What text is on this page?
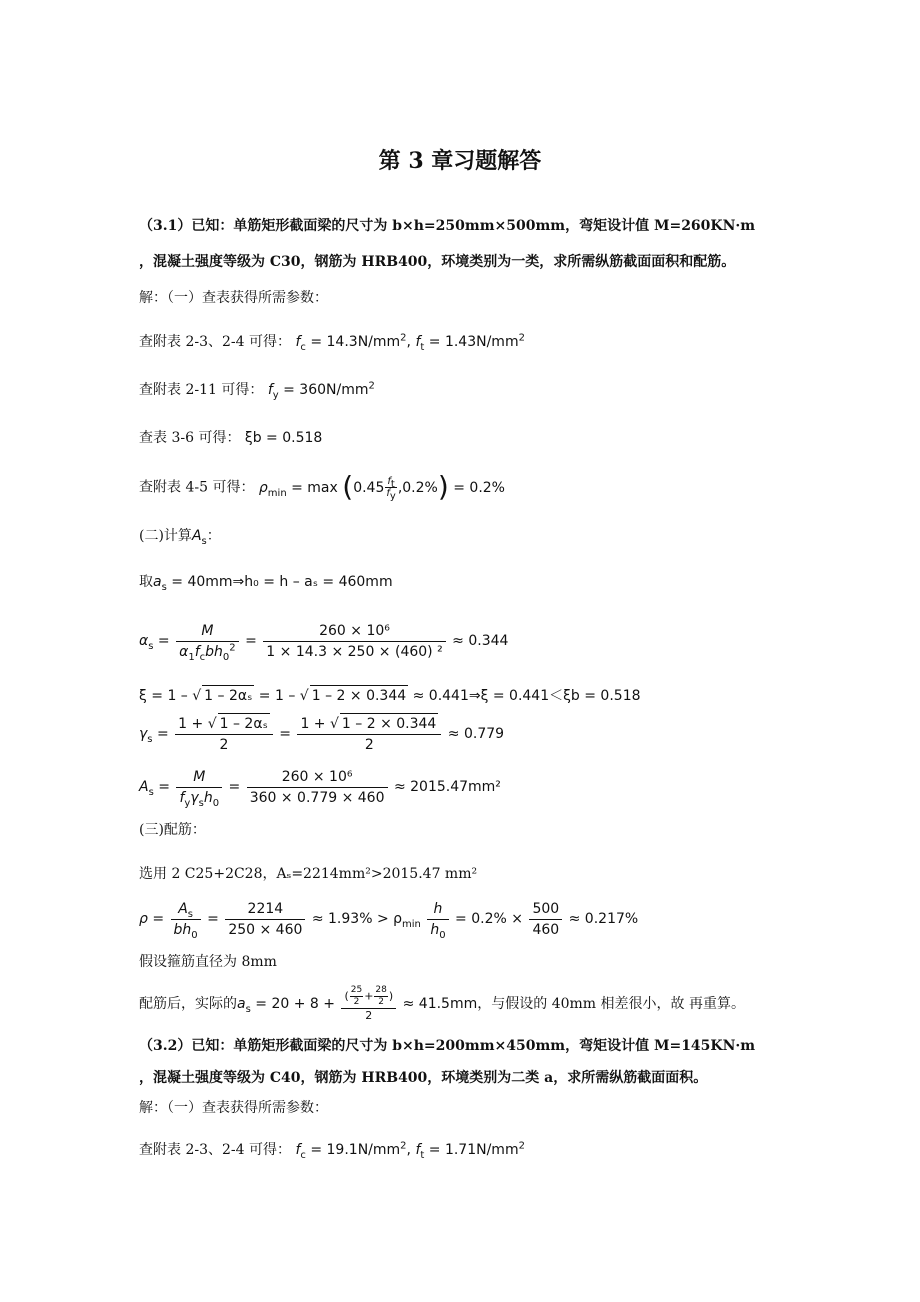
第 3 章习题解答
（3.1）已知：单筋矩形截面梁的尺寸为 b×h=250mm×500mm，弯矩设计值 M=260KN·m
，混凝土强度等级为 C30，钢筋为 HRB400，环境类别为一类，求所需纵筋截面面积和配筋。
解：（一）查表获得所需参数：
查附表 2-3、2-4 可得： $f_c = 14.3N/mm^2$, $f_t = 1.43N/mm^2$
查附表 2-11 可得： $f_y = 360N/mm^2$
查表 3-6 可得： ξb = 0.518
查附表 4-5 可得： $\rho_{min} = \max (0.45 \frac{f_t}{f_y} ,0.2\%) = 0.2\%$
(二)计算$A_s$：
取$a_s$ = 40mm⇒h₀ = h – aₛ = 460mm
$\alpha_s = \frac{M}{\alpha_1f_cbh_0^2} = \frac{\text{260 × 10⁶}}{\text{1 × 14.3 × 250 × (460) ²}} \approx 0.344$
ξ = 1 – √ 1 – 2αₛ = 1 – √ 1 – 2 × 0.344 ≈ 0.441⇒ξ = 0.441＜ξb = 0.518
$\gamma_s = \frac{\text{1 + √ 1 – 2αₛ}}{2} = \frac{1 + √ 1 - 2 \times 0.344}{2} \approx 0.779$
$A_s = \frac{M}{f_y\gamma_sh_0} = \frac{\text{260 × 10⁶}}{360 \times 0.779 \times 460} \approx 2015.47mm^2$
(三)配筋：
选用 2 C25+2C28，Aₛ=2214mm²>2015.47 mm²
$\rho = \frac{A_s}{bh_0} = \frac{2214}{250 \times 460} \approx 1.93\% > \rho_{min} \frac{h}{h_0} = 0.2\% \times \frac{500}{460} \approx 0.217\%$
假设箍筋直径为 8mm
配筋后，实际的$a_s = 20 + 8 + \frac{( \frac{25}{2} + \frac{28}{2} )}{2} \approx 41.5mm$，与假设的 40mm 相差很小，故 再重算。
（3.2）已知：单筋矩形截面梁的尺寸为 b×h=200mm×450mm，弯矩设计值 M=145KN·m
，混凝土强度等级为 C40，钢筋为 HRB400，环境类别为二类 a，求所需纵筋截面面积。
解：（一）查表获得所需参数：
查附表 2-3、2-4 可得： $f_c = 19.1N/mm^2$, $f_t = 1.71N/mm^2$
